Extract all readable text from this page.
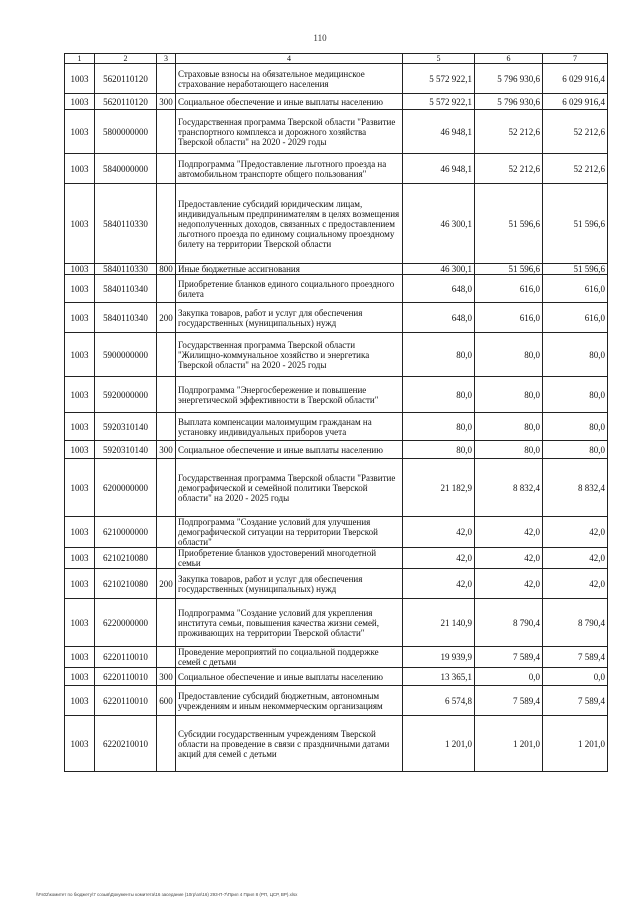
110
1	2	3	4	5	6	7
1003	5620110120		Страховые взносы на обязательное медицинское страхование неработающего населения	5 572 922,1	5 796 930,6	6 029 916,4
1003	5620110120	300	Социальное обеспечение и иные выплаты населению	5 572 922,1	5 796 930,6	6 029 916,4
1003	5800000000		Государственная программа Тверской области "Развитие транспортного комплекса и дорожного хозяйства Тверской области" на 2020 - 2029 годы	46 948,1	52 212,6	52 212,6
1003	5840000000		Подпрограмма "Предоставление льготного проезда на автомобильном транспорте общего пользования"	46 948,1	52 212,6	52 212,6
1003	5840110330		Предоставление субсидий юридическим лицам, индивидуальным предпринимателям в целях возмещения недополученных доходов, связанных с предоставлением льготного проезда по единому социальному проездному билету на территории Тверской области	46 300,1	51 596,6	51 596,6
1003	5840110330	800	Иные бюджетные ассигнования	46 300,1	51 596,6	51 596,6
1003	5840110340		Приобретение бланков единого социального проездного билета	648,0	616,0	616,0
1003	5840110340	200	Закупка товаров, работ и услуг для обеспечения государственных (муниципальных) нужд	648,0	616,0	616,0
1003	5900000000		Государственная программа Тверской области "Жилищно-коммунальное хозяйство и энергетика Тверской области" на 2020 - 2025 годы	80,0	80,0	80,0
1003	5920000000		Подпрограмма "Энергосбережение и повышение энергетической эффективности в Тверской области"	80,0	80,0	80,0
1003	5920310140		Выплата компенсации малоимущим гражданам на установку индивидуальных приборов учета	80,0	80,0	80,0
1003	5920310140	300	Социальное обеспечение и иные выплаты населению	80,0	80,0	80,0
1003	6200000000		Государственная программа Тверской области "Развитие демографической и семейной политики Тверской области" на 2020 - 2025 годы	21 182,9	8 832,4	8 832,4
1003	6210000000		Подпрограмма "Создание условий для улучшения демографической ситуации на территории Тверской области"	42,0	42,0	42,0
1003	6210210080		Приобретение бланков удостоверений многодетной семьи	42,0	42,0	42,0
1003	6210210080	200	Закупка товаров, работ и услуг для обеспечения государственных (муниципальных) нужд	42,0	42,0	42,0
1003	6220000000		Подпрограмма "Создание условий для укрепления института семьи, повышения качества жизни семей, проживающих на территории Тверской области"	21 140,9	8 790,4	8 790,4
1003	6220110010		Проведение мероприятий по социальной поддержке семей с детьми	19 939,9	7 589,4	7 589,4
1003	6220110010	300	Социальное обеспечение и иные выплаты населению	13 365,1	0,0	0,0
1003	6220110010	600	Предоставление субсидий бюджетным, автономным учреждениям и иным некоммерческим организациям	6 574,8	7 589,4	7 589,4
1003	6220210010		Субсидии государственным учреждениям Тверской области на проведение в связи с праздничными датами акций для семей с детьми	1 201,0	1 201,0	1 201,0
\\Fs02\комитет по бюджету\7 созыв\Документы комитета\16 заседание (10гр\зп\16) 293-П-7\Прил 4 Прил 8 (РП, ЦСР, ВР).xlsx
